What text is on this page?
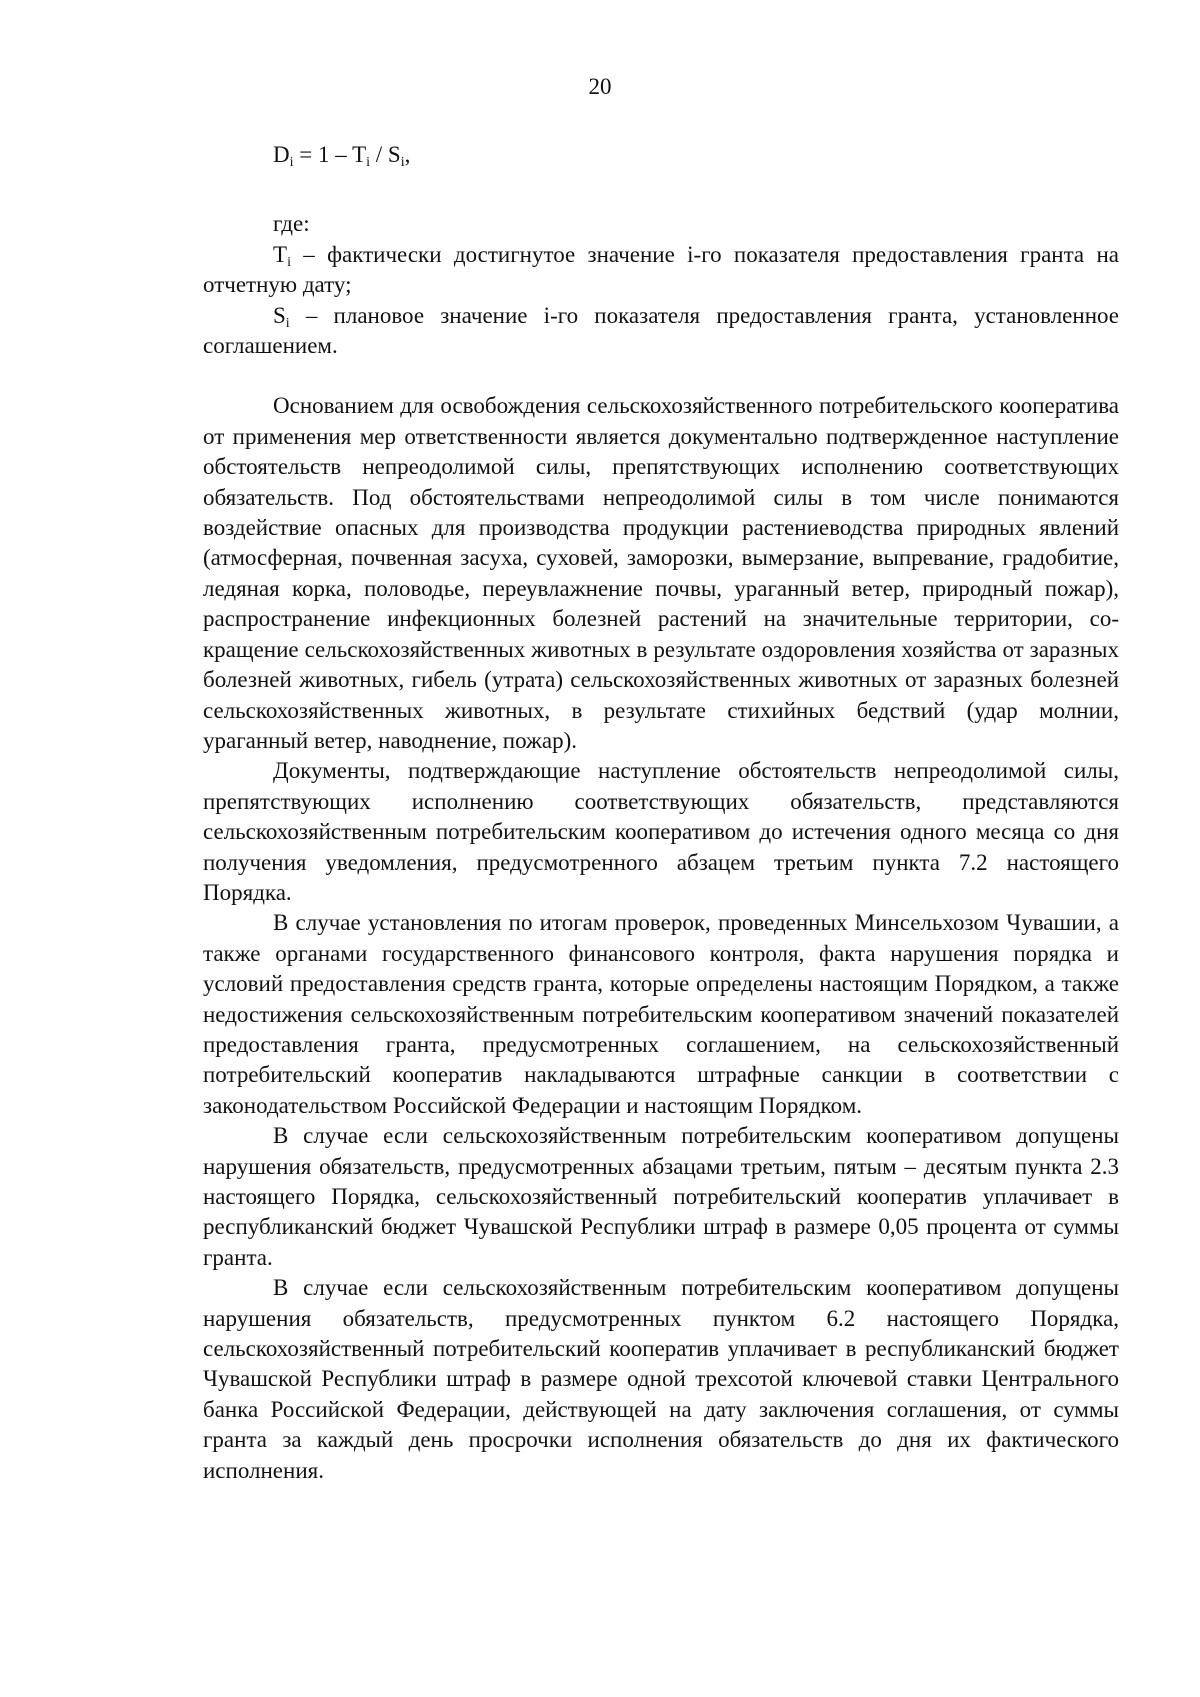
20
$D_i = 1 - T_i / S_i$,

где:

$T_i$ – фактически достигнутое значение i-го показателя предоставления гранта на отчетную дату;

$S_i$ – плановое значение i-го показателя предоставления гранта, установленное соглашением.

Основанием для освобождения сельскохозяйственного потребительского кооператива от применения мер ответственности является документально подтвержденное наступление обстоятельств непреодолимой силы, препятствующих исполнению соответствующих обязательств. Под обстоятельствами непреодолимой силы в том числе понимаются воздействие опасных для производства продукции растениеводства природных явлений (атмосферная, почвенная засуха, суховей, заморозки, вымерзание, выпревание, градобитие, ледяная корка, половодье, переувлажнение почвы, ураганный ветер, природный пожар), распространение инфекционных болезней растений на значительные территории, сокращение сельскохозяйственных животных в результате оздоровления хозяйства от заразных болезней животных, гибель (утрата) сельскохозяйственных животных от заразных болезней сельскохозяйственных животных, в результате стихийных бедствий (удар молнии, ураганный ветер, наводнение, пожар).

Документы, подтверждающие наступление обстоятельств непреодолимой силы, препятствующих исполнению соответствующих обязательств, представляются сельскохозяйственным потребительским кооперативом до истечения одного месяца со дня получения уведомления, предусмотренного абзацем третьим пункта 7.2 настоящего Порядка.

В случае установления по итогам проверок, проведенных Минсельхозом Чувашии, а также органами государственного финансового контроля, факта нарушения порядка и условий предоставления средств гранта, которые определены настоящим Порядком, а также недостижения сельскохозяйственным потребительским кооперативом значений показателей предоставления гранта, предусмотренных соглашением, на сельскохозяйственный потребительский кооператив накладываются штрафные санкции в соответствии с законодательством Российской Федерации и настоящим Порядком.

В случае если сельскохозяйственным потребительским кооперативом допущены нарушения обязательств, предусмотренных абзацами третьим, пятым – десятым пункта 2.3 настоящего Порядка, сельскохозяйственный потребительский кооператив уплачивает в республиканский бюджет Чувашской Республики штраф в размере 0,05 процента от суммы гранта.

В случае если сельскохозяйственным потребительским кооперативом допущены нарушения обязательств, предусмотренных пунктом 6.2 настоящего Порядка, сельскохозяйственный потребительский кооператив уплачивает в республиканский бюджет Чувашской Республики штраф в размере одной трехсотой ключевой ставки Центрального банка Российской Федерации, действующей на дату заключения соглашения, от суммы гранта за каждый день просрочки исполнения обязательств до дня их фактического исполнения.
